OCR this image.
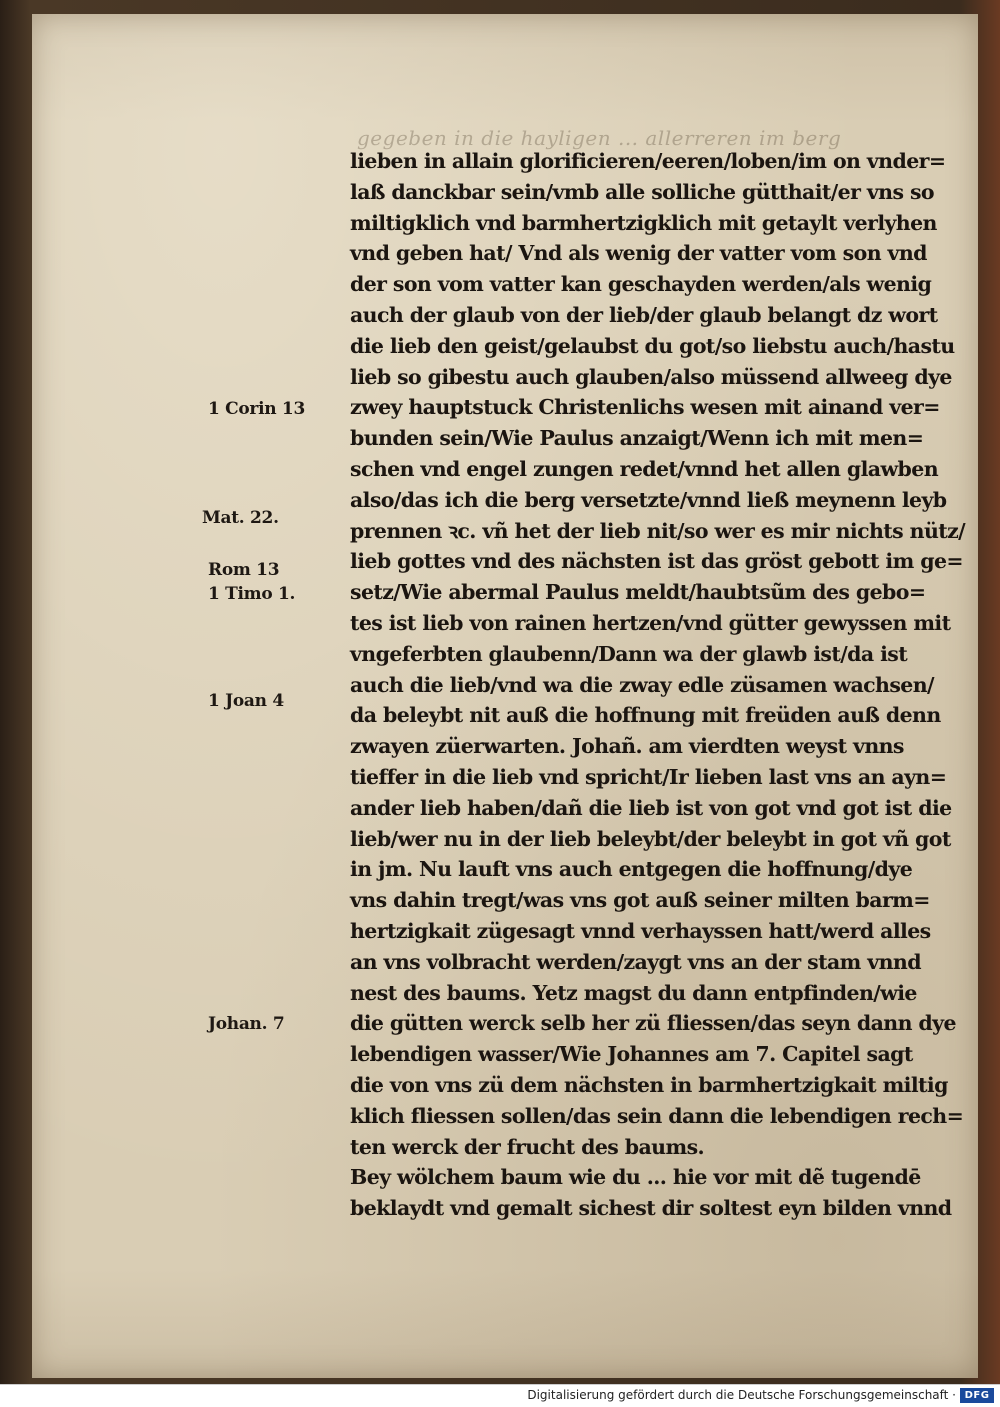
gegeben in die hayligen ... allerreren im berg
lieben in allain glorificieren/eeren/loben/im on vnder=
laß danckbar sein/vmb alle solliche gütthait/er vns so
miltigklich vnd barmhertzigklich mit getaylt verlyhen
vnd geben hat/ Vnd als wenig der vatter vom son vnd
der son vom vatter kan geschayden werden/als wenig
auch der glaub von der lieb/der glaub belangt dz wort
die lieb den geist/gelaubst du got/so liebstu auch/hastu
lieb so gibestu auch glauben/also müssend allweeg dye
zwey hauptstuck Christenlichs wesen mit ainand ver=
bunden sein/Wie Paulus anzaigt/Wenn ich mit men=
schen vnd engel zungen redet/vnnd het allen glawben
also/das ich die berg versetzte/vnnd ließ meynenn leyb
prennen ꝛc. vñ het der lieb nit/so wer es mir nichts nütz/
lieb gottes vnd des nächsten ist das gröst gebott im ge=
setz/Wie abermal Paulus meldt/haubtsũm des gebo=
tes ist lieb von rainen hertzen/vnd gütter gewyssen mit
vngeferbten glaubenn/Dann wa der glawb ist/da ist
auch die lieb/vnd wa die zway edle züsamen wachsen/
da beleybt nit auß die hoffnung mit freüden auß denn
zwayen züerwarten. Johañ. am vierdten weyst vnns
tieffer in die lieb vnd spricht/Ir lieben last vns an ayn=
ander lieb haben/dañ die lieb ist von got vnd got ist die
lieb/wer nu in der lieb beleybt/der beleybt in got vñ got
in jm. Nu lauft vns auch entgegen die hoffnung/dye
vns dahin tregt/was vns got auß seiner milten barm=
hertzigkait zügesagt vnnd verhayssen hatt/werd alles
an vns volbracht werden/zaygt vns an der stam vnnd
nest des baums. Yetz magst du dann entpfinden/wie
die gütten werck selb her zü fliessen/das seyn dann dye
lebendigen wasser/Wie Johannes am 7. Capitel sagt
die von vns zü dem nächsten in barmhertzigkait miltig
klich fliessen sollen/das sein dann die lebendigen rech=
ten werck der frucht des baums.
Bey wölchem baum wie du ... hie vor mit dẽ tugendē
beklaydt vnd gemalt sichest dir soltest eyn bilden vnnd
1 Corin 13
Mat. 22.
Rom 13
1 Timo 1.
1 Joan 4
Johan. 7
Digitalisierung gefördert durch die Deutsche Forschungsgemeinschaft · DFG
